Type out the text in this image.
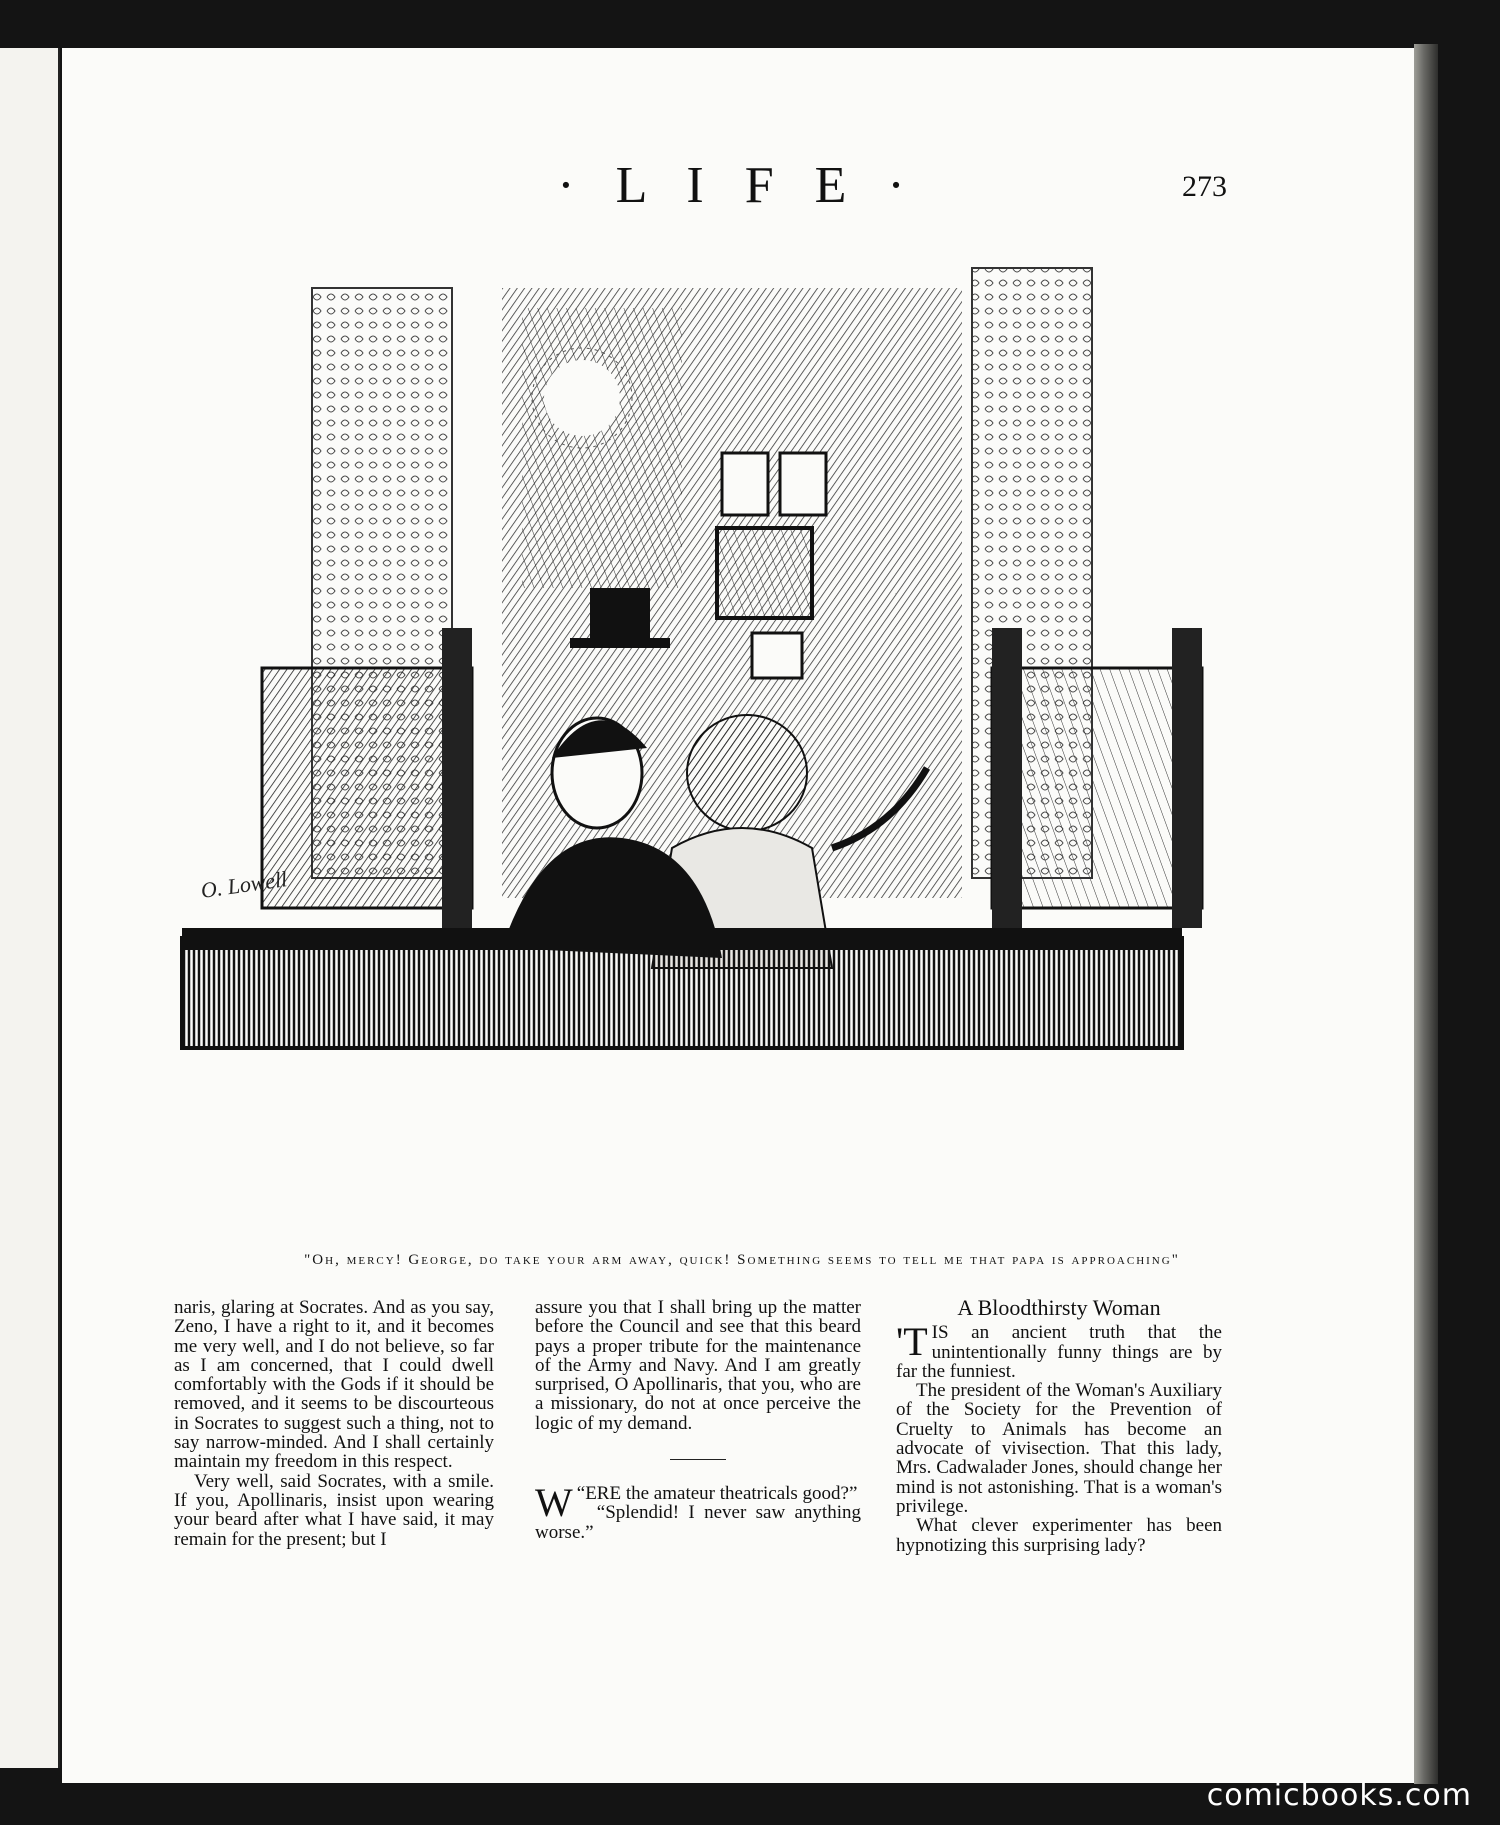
· L I F E ·	273
O. Lowell
"Oh, mercy! George, do take your arm away, quick! Something seems to tell me that papa is approaching"

naris, glaring at Socrates. And as you say, Zeno, I have a right to it, and it becomes me very well, and I do not believe, so far as I am concerned, that I could dwell comfortably with the Gods if it should be removed, and it seems to be discourteous in Socrates to suggest such a thing, not to say narrow-minded. And I shall certainly maintain my freedom in this respect.

Very well, said Socrates, with a smile. If you, Apollinaris, insist upon wearing your beard after what I have said, it may remain for the present; but I

assure you that I shall bring up the matter before the Council and see that this beard pays a proper tribute for the maintenance of the Army and Navy. And I am greatly surprised, O Apollinaris, that you, who are a missionary, do not at once perceive the logic of my demand.

“
W ERE the amateur theatricals good?”

“Splendid! I never saw anything worse.”

A Bloodthirsty Woman

'TIS an ancient truth that the unintentionally funny things are by far the funniest.

The president of the Woman's Auxiliary of the Society for the Prevention of Cruelty to Animals has become an advocate of vivisection. That this lady, Mrs. Cadwalader Jones, should change her mind is not astonishing. That is a woman's privilege.

What clever experimenter has been hypnotizing this surprising lady?

comicbooks.com
